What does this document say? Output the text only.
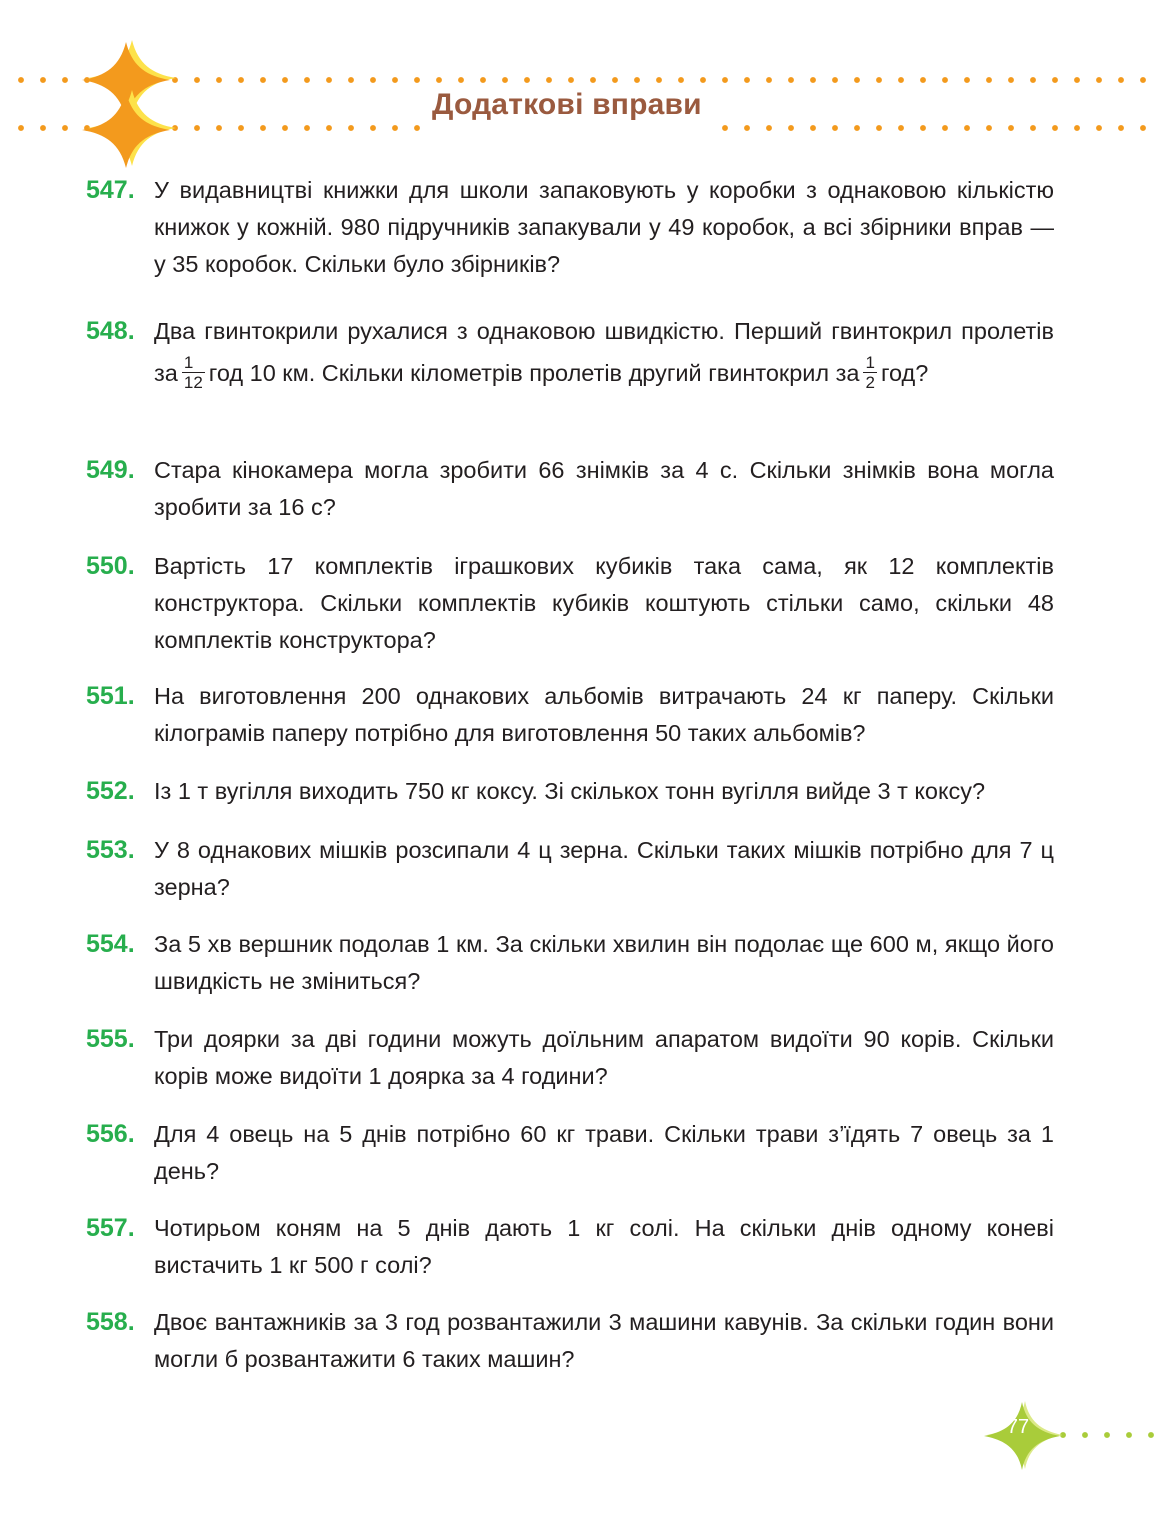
Додаткові вправи
547. У видавництві книжки для школи запаковують у коробки з однаковою кількістю книжок у кожній. 980 підручників запакували у 49 коробок, а всі збірники вправ — у 35 коробок. Скільки було збірників?
548. Два гвинтокрили рухалися з однаковою швидкістю. Перший гвинтокрил пролетів за $\frac{1}{12}$ год 10 км. Скільки кілометрів пролетів другий гвинтокрил за $\frac{1}{2}$ год?
549. Стара кінокамера могла зробити 66 знімків за 4 с. Скільки знімків вона могла зробити за 16 с?
550. Вартість 17 комплектів іграшкових кубиків така сама, як 12 комплектів конструктора. Скільки комплектів кубиків коштують стільки само, скільки 48 комплектів конструктора?
551. На виготовлення 200 однакових альбомів витрачають 24 кг паперу. Скільки кілограмів паперу потрібно для виготовлення 50 таких альбомів?
552. Із 1 т вугілля виходить 750 кг коксу. Зі скількох тонн вугілля вийде 3 т коксу?
553. У 8 однакових мішків розсипали 4 ц зерна. Скільки таких мішків потрібно для 7 ц зерна?
554. За 5 хв вершник подолав 1 км. За скільки хвилин він подолає ще 600 м, якщо його швидкість не зміниться?
555. Три доярки за дві години можуть доїльним апаратом видоїти 90 корів. Скільки корів може видоїти 1 доярка за 4 години?
556. Для 4 овець на 5 днів потрібно 60 кг трави. Скільки трави з’їдять 7 овець за 1 день?
557. Чотирьом коням на 5 днів дають 1 кг солі. На скільки днів одному коневі вистачить 1 кг 500 г солі?
558. Двоє вантажників за 3 год розвантажили 3 машини кавунів. За скільки годин вони могли б розвантажити 6 таких машин?
77
